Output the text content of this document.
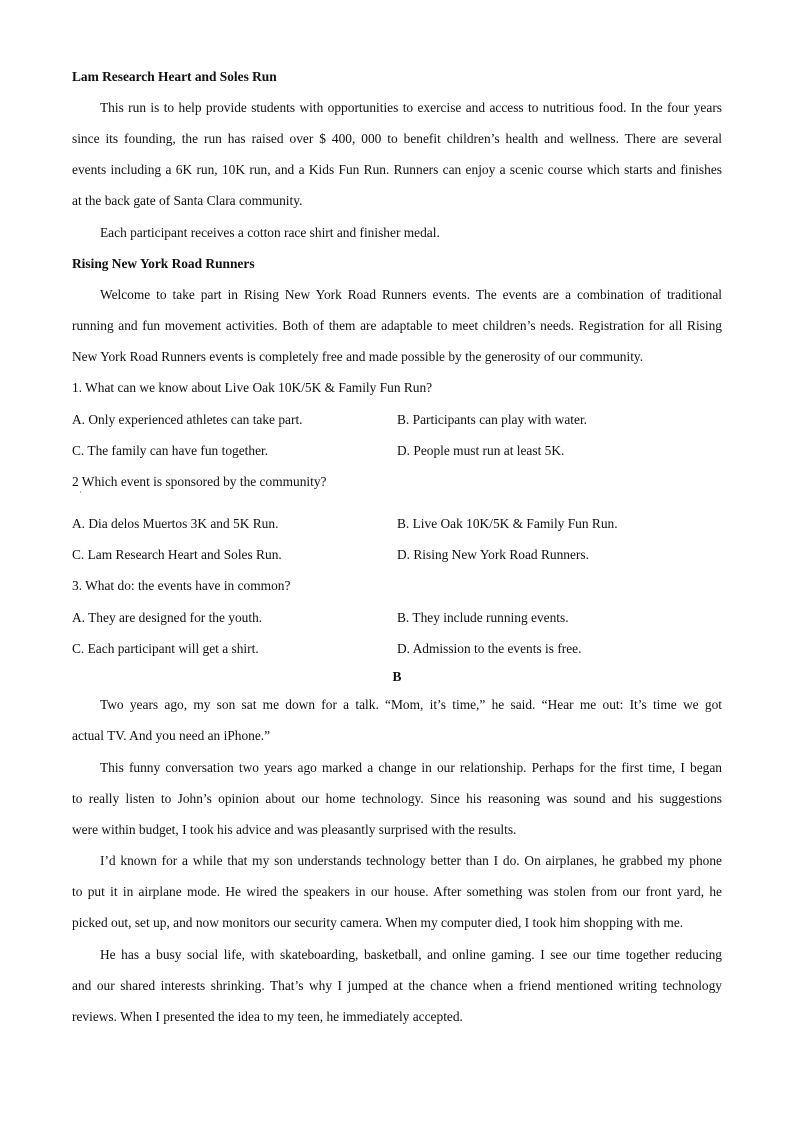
Lam Research Heart and Soles Run
This run is to help provide students with opportunities to exercise and access to nutritious food. In the four years
since its founding, the run has raised over $ 400, 000 to benefit children’s health and wellness. There are several
events including a 6K run, 10K run, and a Kids Fun Run. Runners can enjoy a scenic course which starts and finishes
at the back gate of Santa Clara community.
Each participant receives a cotton race shirt and finisher medal.
Rising New York Road Runners
Welcome to take part in Rising New York Road Runners events. The events are a combination of traditional
running and fun movement activities. Both of them are adaptable to meet children’s needs. Registration for all Rising
New York Road Runners events is completely free and made possible by the generosity of our community.
1. What can we know about Live Oak 10K/5K & Family Fun Run?
A. Only experienced athletes can take part.	B. Participants can play with water.
C. The family can have fun together.	D. People must run at least 5K.
2 Which event is sponsored by the community?
·
A. Dia delos Muertos 3K and 5K Run.	B. Live Oak 10K/5K & Family Fun Run.
C. Lam Research Heart and Soles Run.	D. Rising New York Road Runners.
3. What do: the events have in common?
A. They are designed for the youth.	B. They include running events.
C. Each participant will get a shirt.	D. Admission to the events is free.
B
Two years ago, my son sat me down for a talk. “Mom, it’s time,” he said. “Hear me out: It’s time we got
actual TV. And you need an iPhone.”
This funny conversation two years ago marked a change in our relationship. Perhaps for the first time, I began
to really listen to John’s opinion about our home technology. Since his reasoning was sound and his suggestions
were within budget, I took his advice and was pleasantly surprised with the results.
I’d known for a while that my son understands technology better than I do. On airplanes, he grabbed my phone
to put it in airplane mode. He wired the speakers in our house. After something was stolen from our front yard, he
picked out, set up, and now monitors our security camera. When my computer died, I took him shopping with me.
He has a busy social life, with skateboarding, basketball, and online gaming. I see our time together reducing
and our shared interests shrinking. That’s why I jumped at the chance when a friend mentioned writing technology
reviews. When I presented the idea to my teen, he immediately accepted.
